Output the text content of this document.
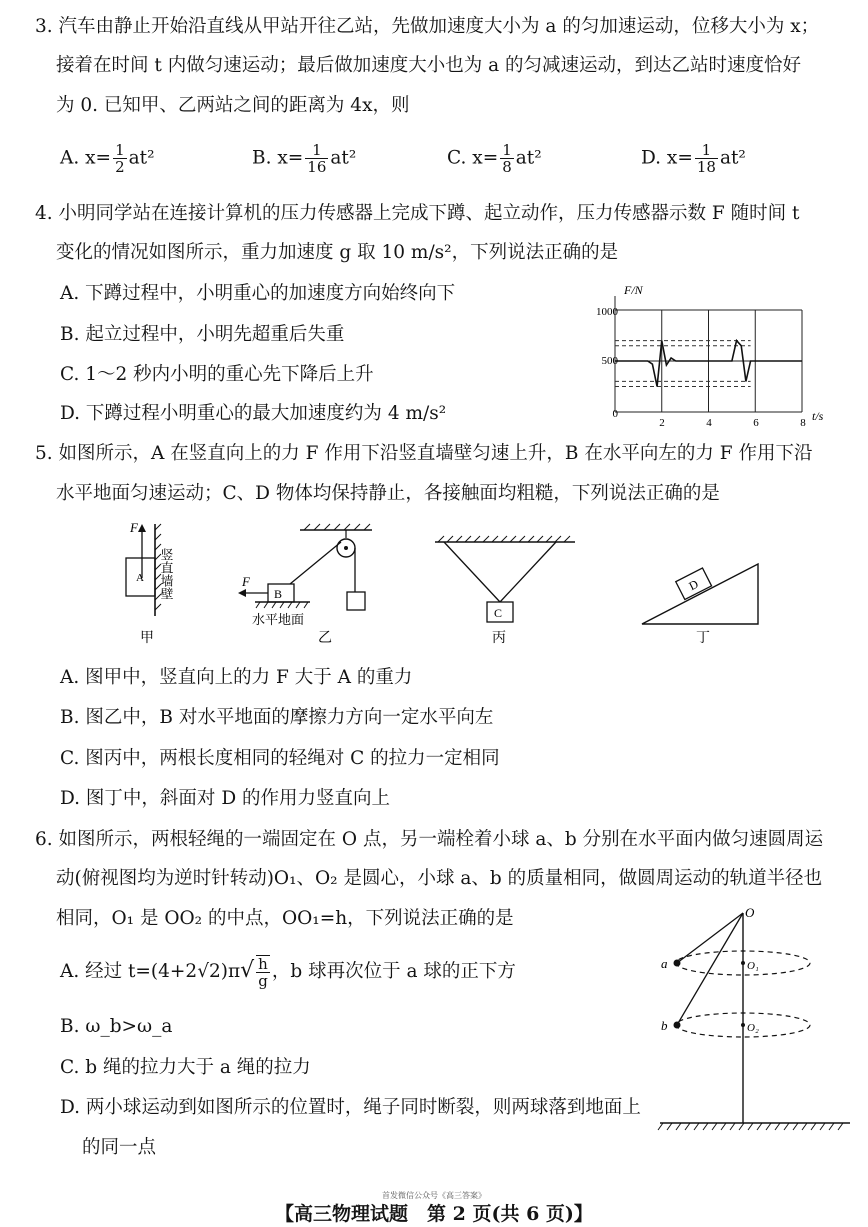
3. 汽车由静止开始沿直线从甲站开往乙站，先做加速度大小为 a 的匀加速运动，位移大小为 x；
接着在时间 t 内做匀速运动；最后做加速度大小也为 a 的匀减速运动，到达乙站时速度恰好
为 0. 已知甲、乙两站之间的距离为 4x，则
A. $x= \frac{1}{2} at^2$	B. $x= \frac{1}{16} at^2$	C. $x= \frac{1}{8} at^2$	D. $x= \frac{1}{18} at^2$
4. 小明同学站在连接计算机的压力传感器上完成下蹲、起立动作，压力传感器示数 F 随时间 t
变化的情况如图所示，重力加速度 g 取 10 m/s²，下列说法正确的是
A. 下蹲过程中，小明重心的加速度方向始终向下
B. 起立过程中，小明先超重后失重
C. 1～2 秒内小明的重心先下降后上升
D. 下蹲过程小明重心的最大加速度约为 4 m/s²
F/N
t/s
1000
500
0
2	4	6	8
5. 如图所示，A 在竖直向上的力 F 作用下沿竖直墙壁匀速上升，B 在水平向左的力 F 作用下沿
水平地面匀速运动；C、D 物体均保持静止，各接触面均粗糙，下列说法正确的是
F
A 竖直墙壁
甲
B
F
水平地面
乙
C
丙
D
丁
A. 图甲中，竖直向上的力 F 大于 A 的重力
B. 图乙中，B 对水平地面的摩擦力方向一定水平向左
C. 图丙中，两根长度相同的轻绳对 C 的拉力一定相同
D. 图丁中，斜面对 D 的作用力竖直向上
6. 如图所示，两根轻绳的一端固定在 O 点，另一端栓着小球 a、b 分别在水平面内做匀速圆周运
动(俯视图均为逆时针转动)O₁、O₂ 是圆心，小球 a、b 的质量相同，做圆周运动的轨道半径也
相同，O₁ 是 OO₂ 的中点，OO₁=h，下列说法正确的是
A. 经过 $t=(4+2√2)\pi√ \frac{h}{g}$ ，b 球再次位于 a 球的正下方
B. ω_b>ω_a
C. b 绳的拉力大于 a 绳的拉力
D. 两小球运动到如图所示的位置时，绳子同时断裂，则两球落到地面上
的同一点
O
O₁
O₂
a
b
首发微信公众号《高三答案》
【高三物理试题　第 2 页(共 6 页)】
